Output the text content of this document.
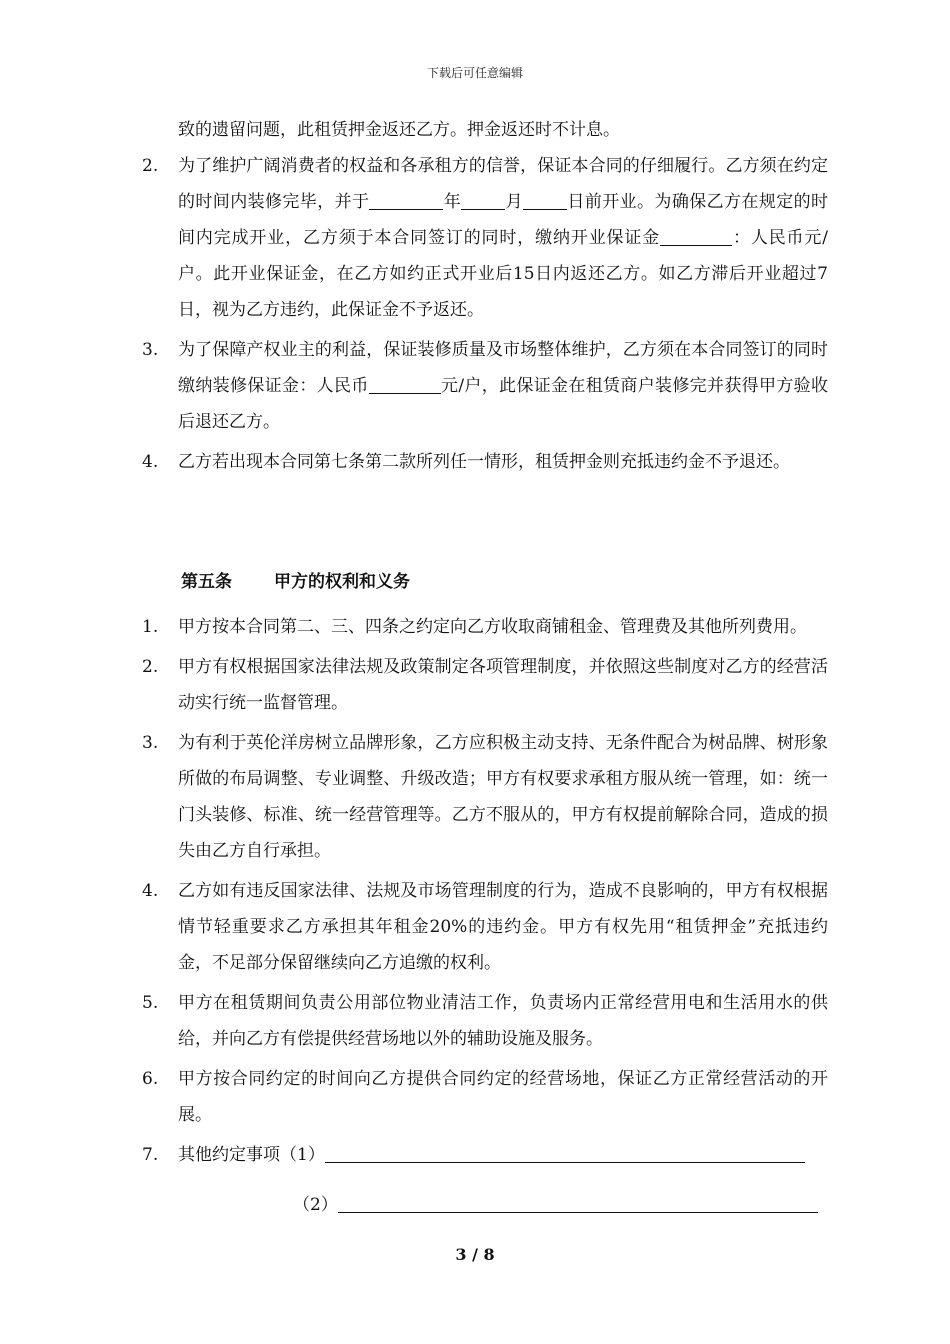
下载后可任意编辑
致的遗留问题，此租赁押金返还乙方。押金返还时不计息。
2. 为了维护广阔消费者的权益和各承租方的信誉，保证本合同的仔细履行。乙方须在约定的时间内装修完毕，并于	年	月	日前开业。为确保乙方在规定的时间内完成开业，乙方须于本合同签订的同时，缴纳开业保证金	：人民币元/户。此开业保证金，在乙方如约正式开业后15日内返还乙方。如乙方滞后开业超过7日，视为乙方违约，此保证金不予返还。
3. 为了保障产权业主的利益，保证装修质量及市场整体维护，乙方须在本合同签订的同时缴纳装修保证金：人民币	元/户，此保证金在租赁商户装修完并获得甲方验收后退还乙方。
4. 乙方若出现本合同第七条第二款所列任一情形，租赁押金则充抵违约金不予退还。
第五条 甲方的权利和义务
1. 甲方按本合同第二、三、四条之约定向乙方收取商铺租金、管理费及其他所列费用。
2. 甲方有权根据国家法律法规及政策制定各项管理制度，并依照这些制度对乙方的经营活动实行统一监督管理。
3. 为有利于英伦洋房树立品牌形象，乙方应积极主动支持、无条件配合为树品牌、树形象所做的布局调整、专业调整、升级改造；甲方有权要求承租方服从统一管理，如：统一门头装修、标准、统一经营管理等。乙方不服从的，甲方有权提前解除合同，造成的损失由乙方自行承担。
4. 乙方如有违反国家法律、法规及市场管理制度的行为，造成不良影响的，甲方有权根据情节轻重要求乙方承担其年租金20%的违约金。甲方有权先用“租赁押金”充抵违约金，不足部分保留继续向乙方追缴的权利。
5. 甲方在租赁期间负责公用部位物业清洁工作，负责场内正常经营用电和生活用水的供给，并向乙方有偿提供经营场地以外的辅助设施及服务。
6. 甲方按合同约定的时间向乙方提供合同约定的经营场地，保证乙方正常经营活动的开展。
7. 其他约定事项（1）
（2）
3 / 8
